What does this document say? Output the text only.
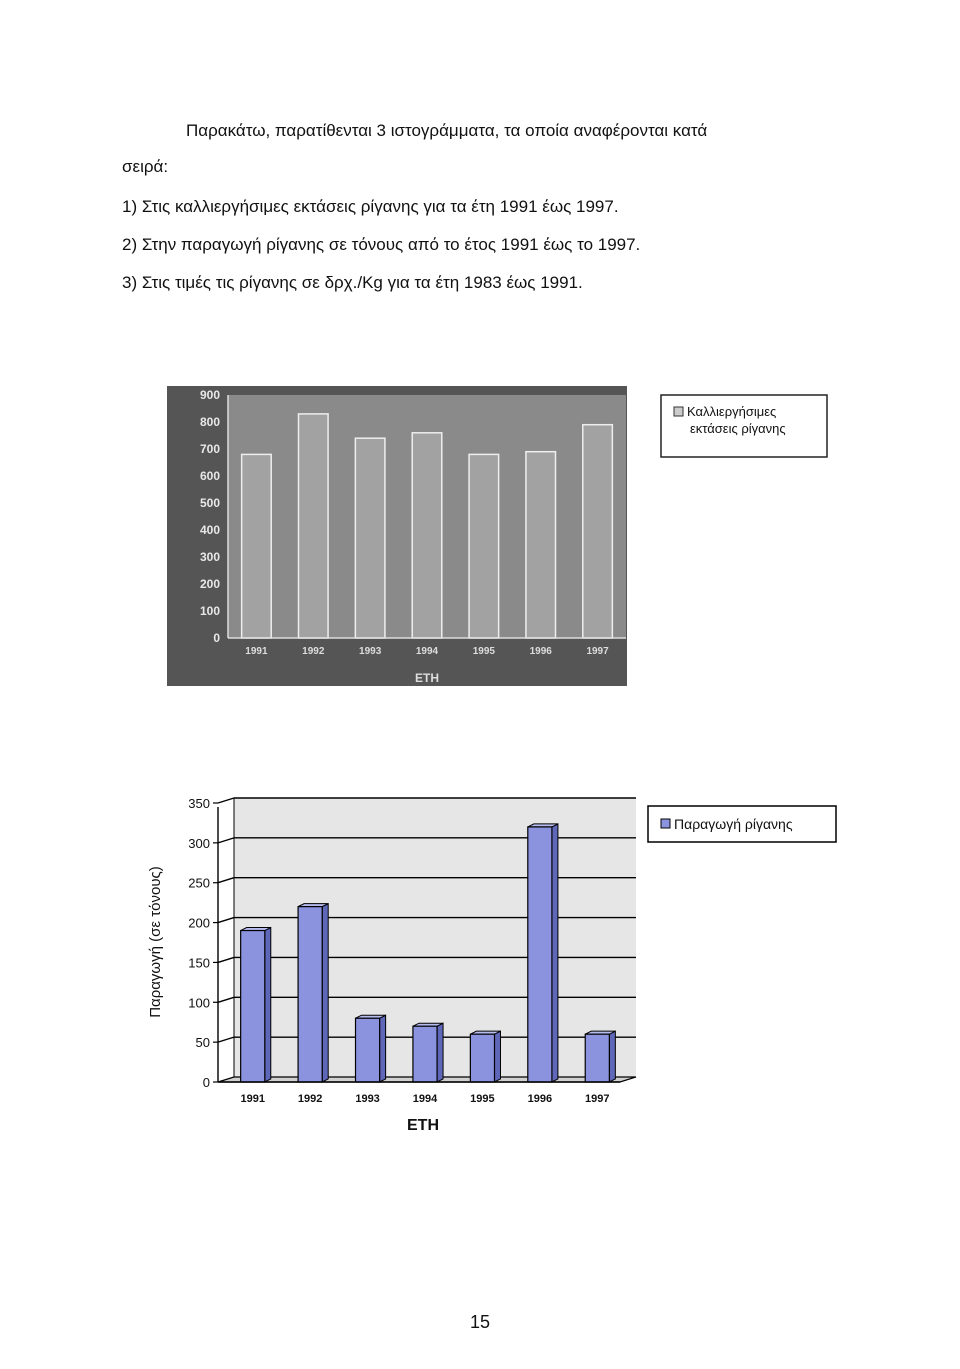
Παρακάτω, παρατίθενται 3 ιστογράμματα, τα οποία αναφέρονται κατά
σειρά:
1) Στις καλλιεργήσιμες εκτάσεις ρίγανης για τα έτη 1991 έως 1997.
2) Στην παραγωγή ρίγανης σε τόνους από το έτος 1991 έως το 1997.
3) Στις τιμές τις ρίγανης σε δρχ./Kg για τα έτη 1983 έως 1991.
0
100
200
300
400
500
600
700
800
900
1991	1992	1993	1994	1995	1996	1997
ΕΤΗ
Καλλιεργήσιμες εκτάσεις ρίγανης
0
50
100
150
200
250
300
350
1991	1992	1993	1994	1995	1996	1997
ΕΤΗ
Παραγωγή (σε τόνους)
Παραγωγή ρίγανης
15
